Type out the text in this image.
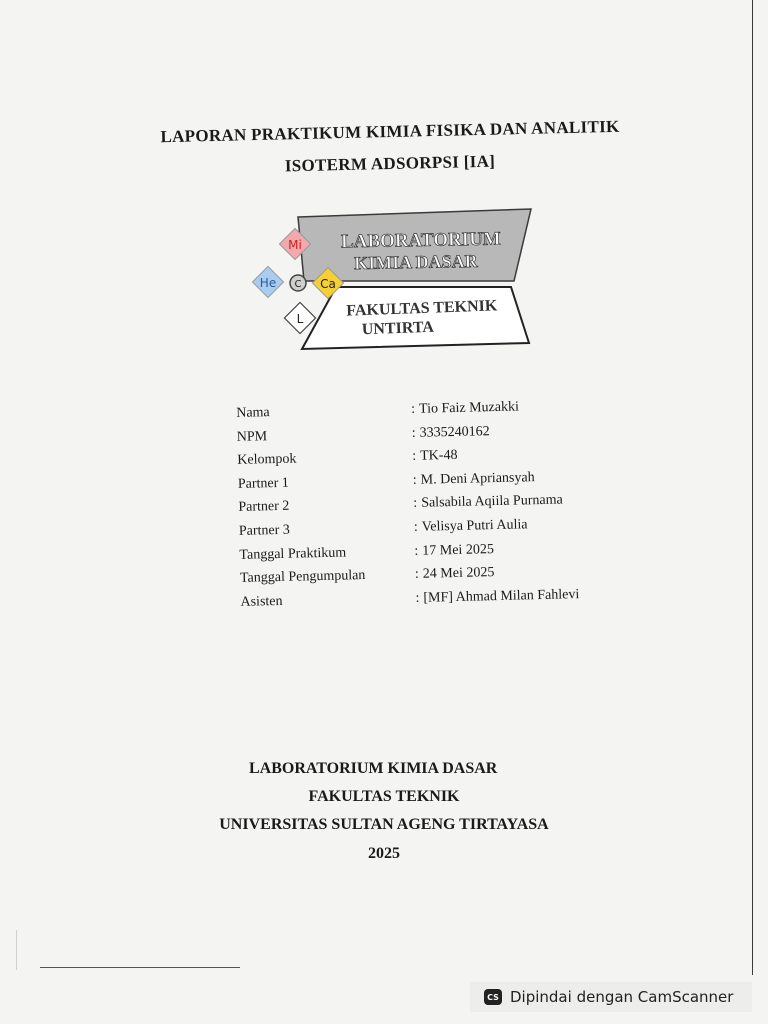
LAPORAN PRAKTIKUM KIMIA FISIKA DAN ANALITIK
ISOTERM ADSORPSI [IA]
Mi
He C Ca
L
LABORATORIUM
KIMIA DASAR
FAKULTAS TEKNIK
UNTIRTA
Nama	: Tio Faiz Muzakki
NPM	: 3335240162
Kelompok	: TK-48
Partner 1	: M. Deni Apriansyah
Partner 2	: Salsabila Aqiila Purnama
Partner 3	: Velisya Putri Aulia
Tanggal Praktikum	: 17 Mei 2025
Tanggal Pengumpulan	: 24 Mei 2025
Asisten	: [MF] Ahmad Milan Fahlevi
LABORATORIUM KIMIA DASAR
FAKULTAS TEKNIK
UNIVERSITAS SULTAN AGENG TIRTAYASA
2025
CS Dipindai dengan CamScanner
